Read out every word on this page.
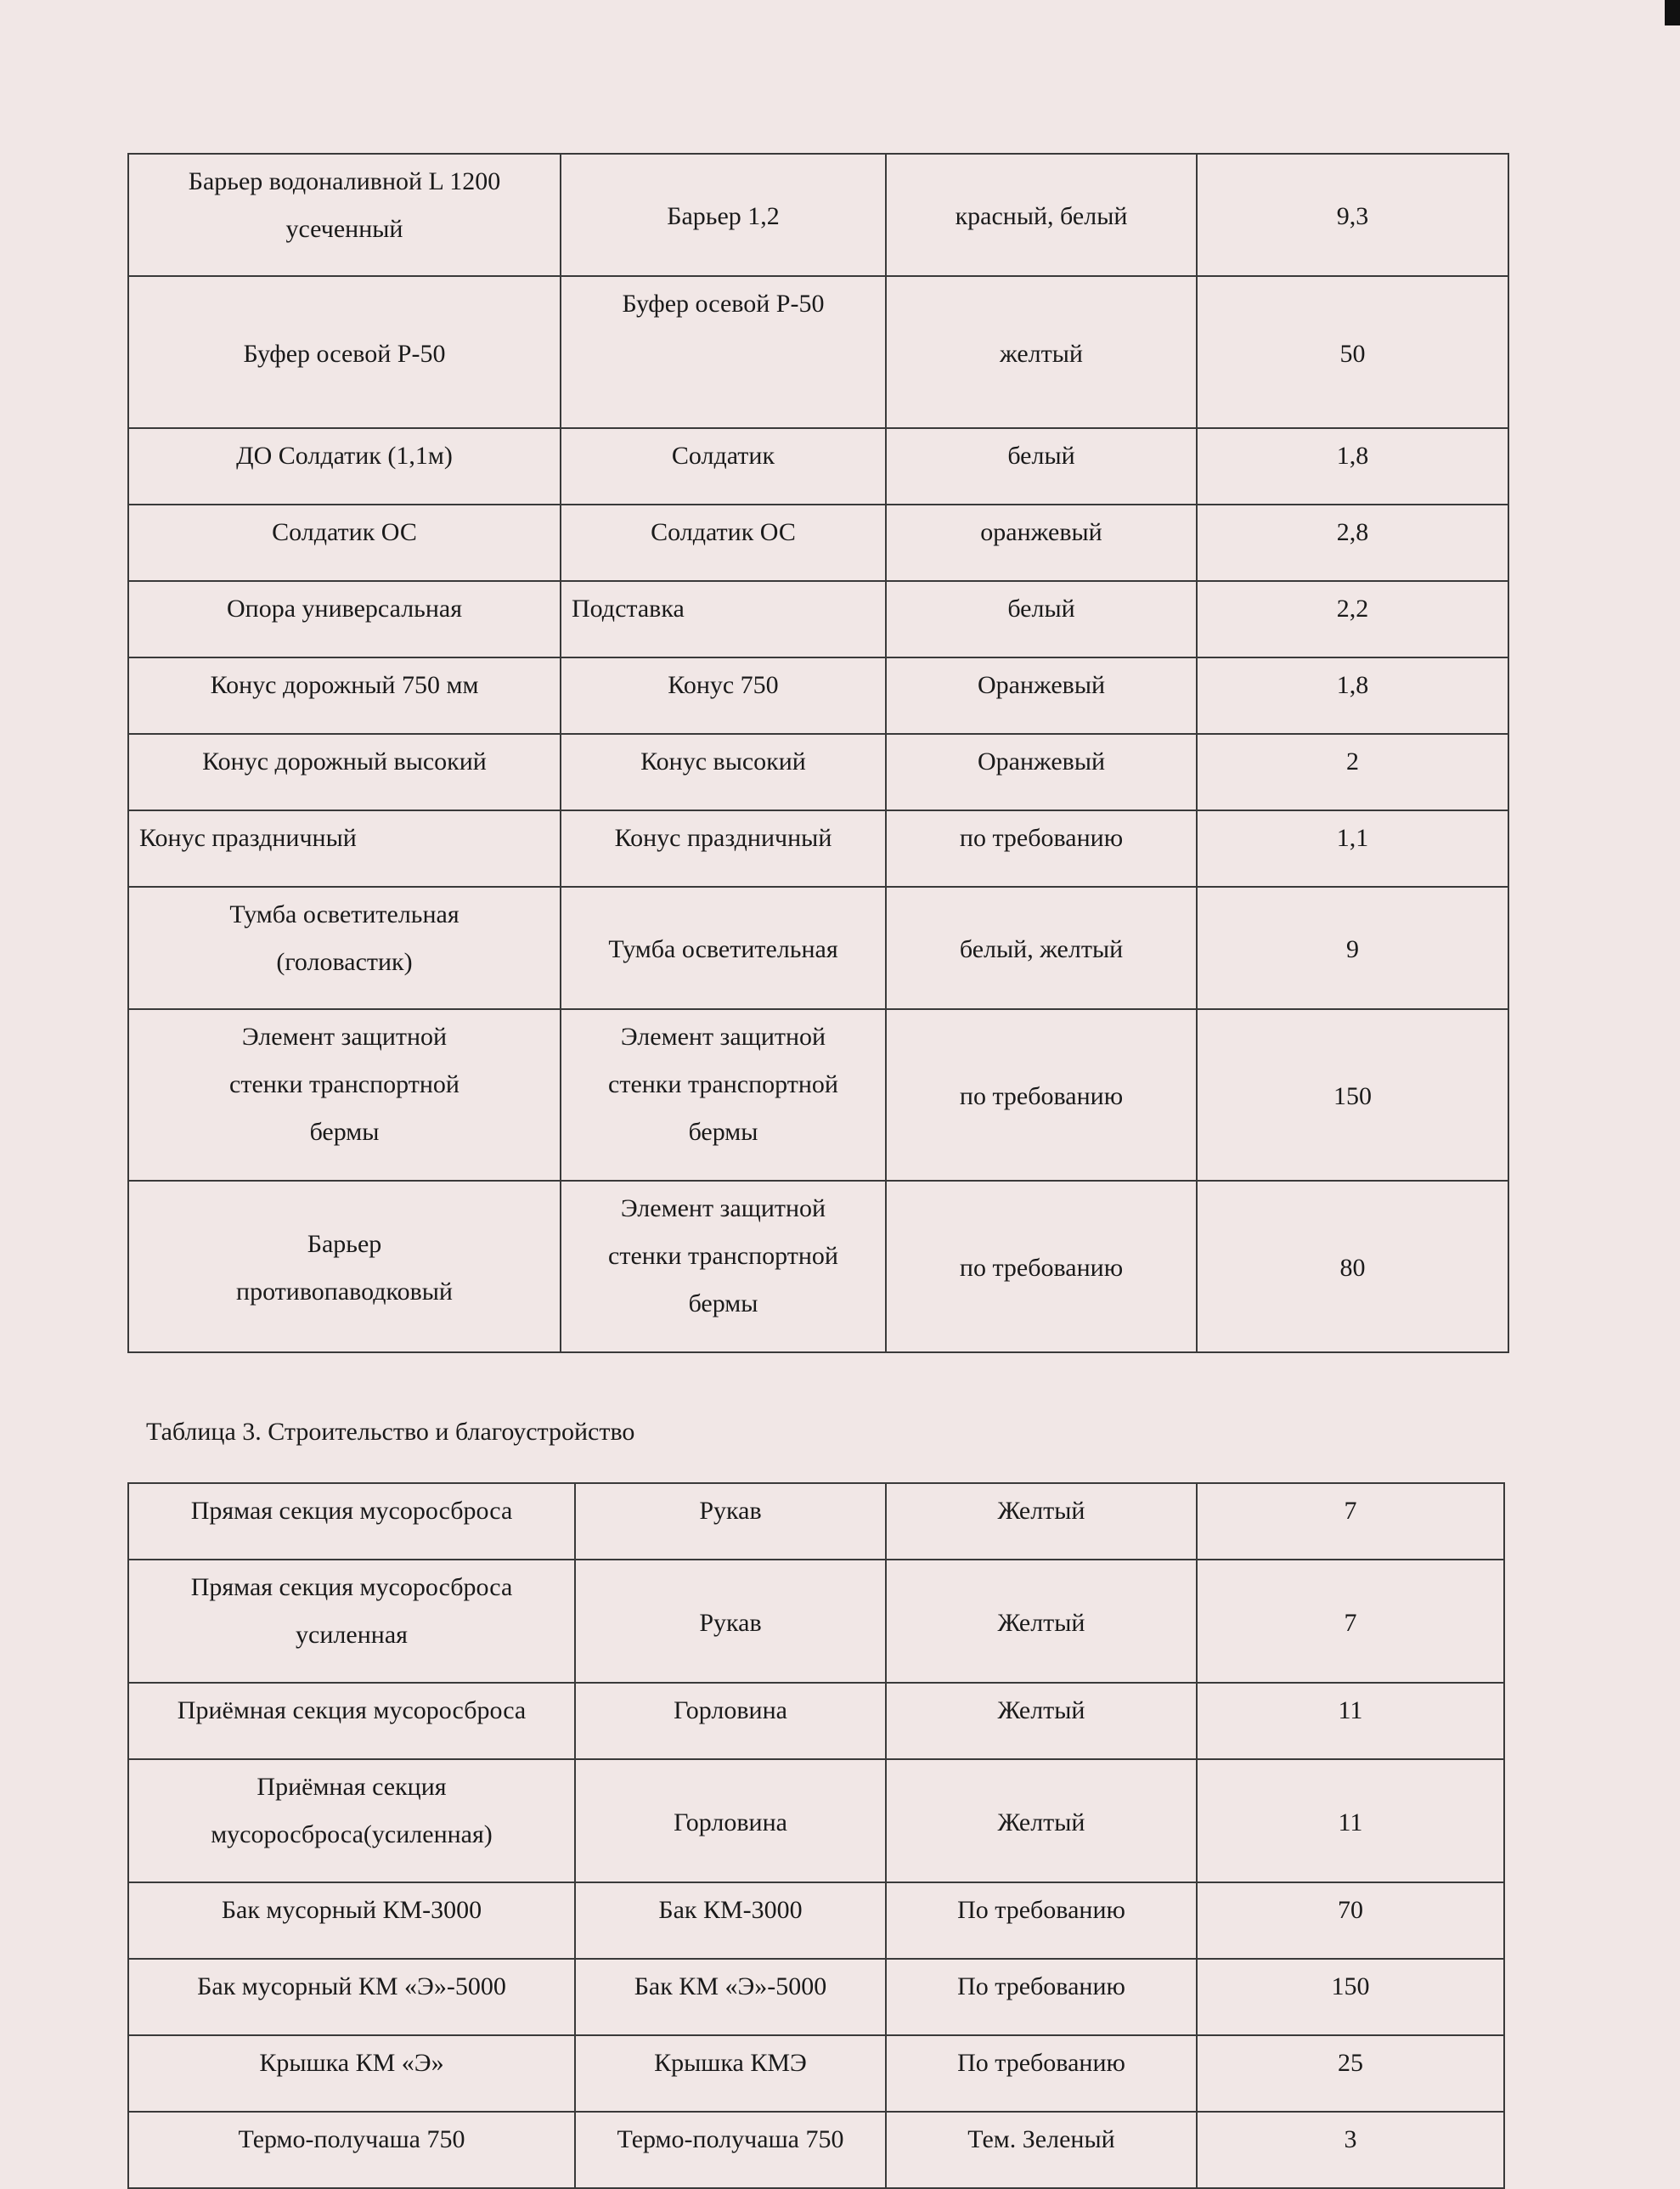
Барьер водоналивной L 1200
усеченный	Барьер 1,2	красный, белый	9,3
Буфер осевой Р-50	Буфер осевой Р-50	желтый	50
ДО Солдатик (1,1м)	Солдатик	белый	1,8
Солдатик ОС	Солдатик ОС	оранжевый	2,8
Опора универсальная	Подставка	белый	2,2
Конус дорожный 750 мм	Конус 750	Оранжевый	1,8
Конус дорожный высокий	Конус высокий	Оранжевый	2
Конус праздничный	Конус праздничный	по требованию	1,1
Тумба осветительная
(головастик)	Тумба осветительная	белый, желтый	9
Элемент защитной
стенки транспортной
бермы	Элемент защитной
стенки транспортной
бермы	по требованию	150
Барьер
противопаводковый	Элемент защитной
стенки транспортной
бермы	по требованию	80
Таблица 3. Строительство и благоустройство
Прямая секция мусоросброса	Рукав	Желтый	7
Прямая секция мусоросброса
усиленная	Рукав	Желтый	7
Приёмная секция мусоросброса	Горловина	Желтый	11
Приёмная секция
мусоросброса(усиленная)	Горловина	Желтый	11
Бак мусорный КМ-3000	Бак КМ-3000	По требованию	70
Бак мусорный КМ «Э»-5000	Бак КМ «Э»-5000	По требованию	150
Крышка КМ «Э»	Крышка КМЭ	По требованию	25
Термо-получаша 750	Термо-получаша 750	Тем. Зеленый	3
